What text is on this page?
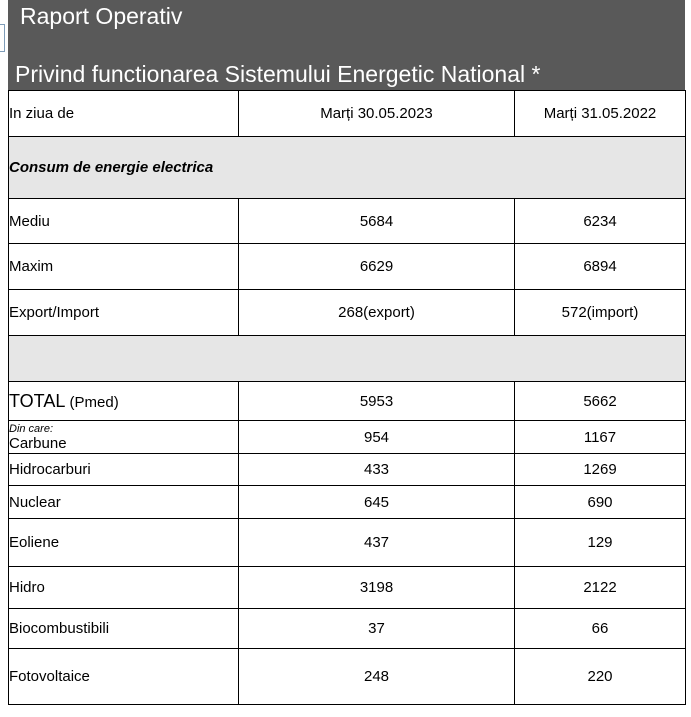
Raport Operativ
Privind functionarea Sistemului Energetic National *
In ziua de	Marți 30.05.2023	Marți 31.05.2022
Consum de energie electrica		
Mediu	5684	6234
Maxim	6629	6894
Export/Import	268(export)	572(import)

TOTAL (Pmed)	5953	5662

Din care:
Carbune	954	1167
Hidrocarburi	433	1269
Nuclear	645	690
Eoliene	437	129
Hidro	3198	2122
Biocombustibili	37	66
Fotovoltaice	248	220
